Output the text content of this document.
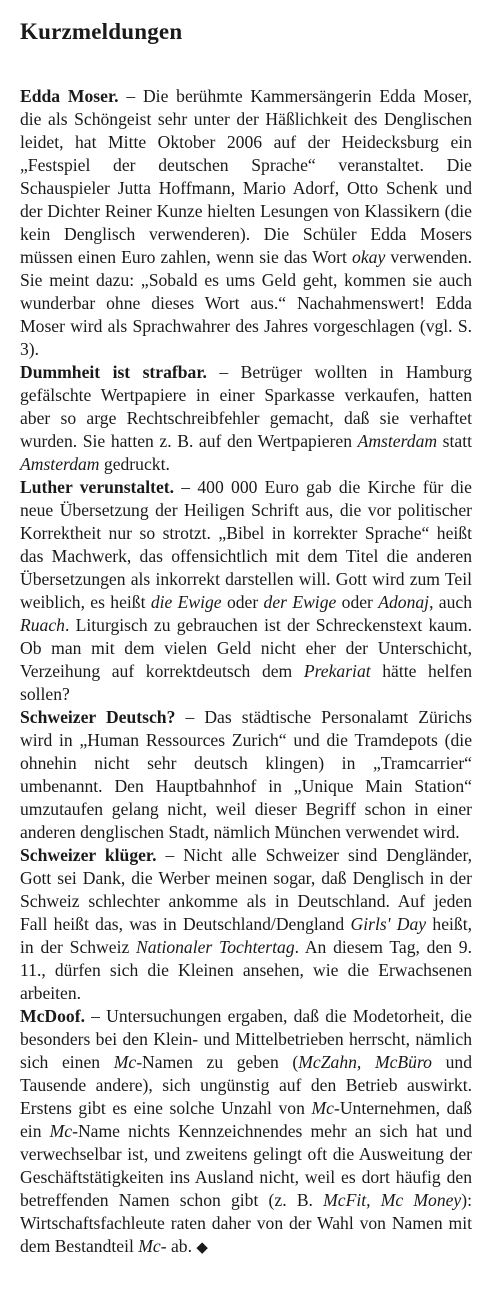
Kurzmeldungen

Edda Moser. – Die berühmte Kammersängerin Edda Moser, die als Schöngeist sehr unter der Häßlichkeit des Denglischen leidet, hat Mitte Oktober 2006 auf der Heidecksburg ein „Festspiel der deutschen Sprache“ veranstaltet. Die Schauspieler Jutta Hoffmann, Mario Adorf, Otto Schenk und der Dichter Reiner Kunze hielten Lesungen von Klassikern (die kein Denglisch verwenderen). Die Schüler Edda Mosers müssen einen Euro zahlen, wenn sie das Wort okay verwenden. Sie meint dazu: „Sobald es ums Geld geht, kommen sie auch wunderbar ohne dieses Wort aus.“ Nachahmenswert! Edda Moser wird als Sprachwahrer des Jahres vorgeschlagen (vgl. S. 3).

Dummheit ist strafbar. – Betrüger wollten in Hamburg gefälschte Wertpapiere in einer Sparkasse verkaufen, hatten aber so arge Rechtschreibfehler gemacht, daß sie verhaftet wurden. Sie hatten z. B. auf den Wertpapieren Amsterdam statt Amsterdam gedruckt.

Luther verunstaltet. – 400 000 Euro gab die Kirche für die neue Übersetzung der Heiligen Schrift aus, die vor politischer Korrektheit nur so strotzt. „Bibel in korrekter Sprache“ heißt das Machwerk, das offensichtlich mit dem Titel die anderen Übersetzungen als inkorrekt darstellen will. Gott wird zum Teil weiblich, es heißt die Ewige oder der Ewige oder Adonaj, auch Ruach. Liturgisch zu gebrauchen ist der Schreckenstext kaum. Ob man mit dem vielen Geld nicht eher der Unterschicht, Verzeihung auf korrektdeutsch dem Prekariat hätte helfen sollen?

Schweizer Deutsch? – Das städtische Personalamt Zürichs wird in „Human Ressources Zurich“ und die Tramdepots (die ohnehin nicht sehr deutsch klingen) in „Tramcarrier“ umbenannt. Den Hauptbahnhof in „Unique Main Station“ umzutaufen gelang nicht, weil dieser Begriff schon in einer anderen denglischen Stadt, nämlich München verwendet wird.

Schweizer klüger. – Nicht alle Schweizer sind Dengländer, Gott sei Dank, die Werber meinen sogar, daß Denglisch in der Schweiz schlechter ankomme als in Deutschland. Auf jeden Fall heißt das, was in Deutschland/Dengland Girls' Day heißt, in der Schweiz Nationaler Tochtertag. An diesem Tag, den 9. 11., dürfen sich die Kleinen ansehen, wie die Erwachsenen arbeiten.

McDoof. – Untersuchungen ergaben, daß die Modetorheit, die besonders bei den Klein- und Mittelbetrieben herrscht, nämlich sich einen Mc-Namen zu geben (McZahn, McBüro und Tausende andere), sich ungünstig auf den Betrieb auswirkt. Erstens gibt es eine solche Unzahl von Mc-Unternehmen, daß ein Mc-Name nichts Kennzeichnendes mehr an sich hat und verwechselbar ist, und zweitens gelingt oft die Ausweitung der Geschäftstätigkeiten ins Ausland nicht, weil es dort häufig den betreffenden Namen schon gibt (z. B. McFit, Mc Money): Wirtschaftsfachleute raten daher von der Wahl von Namen mit dem Bestandteil Mc- ab. ◆
